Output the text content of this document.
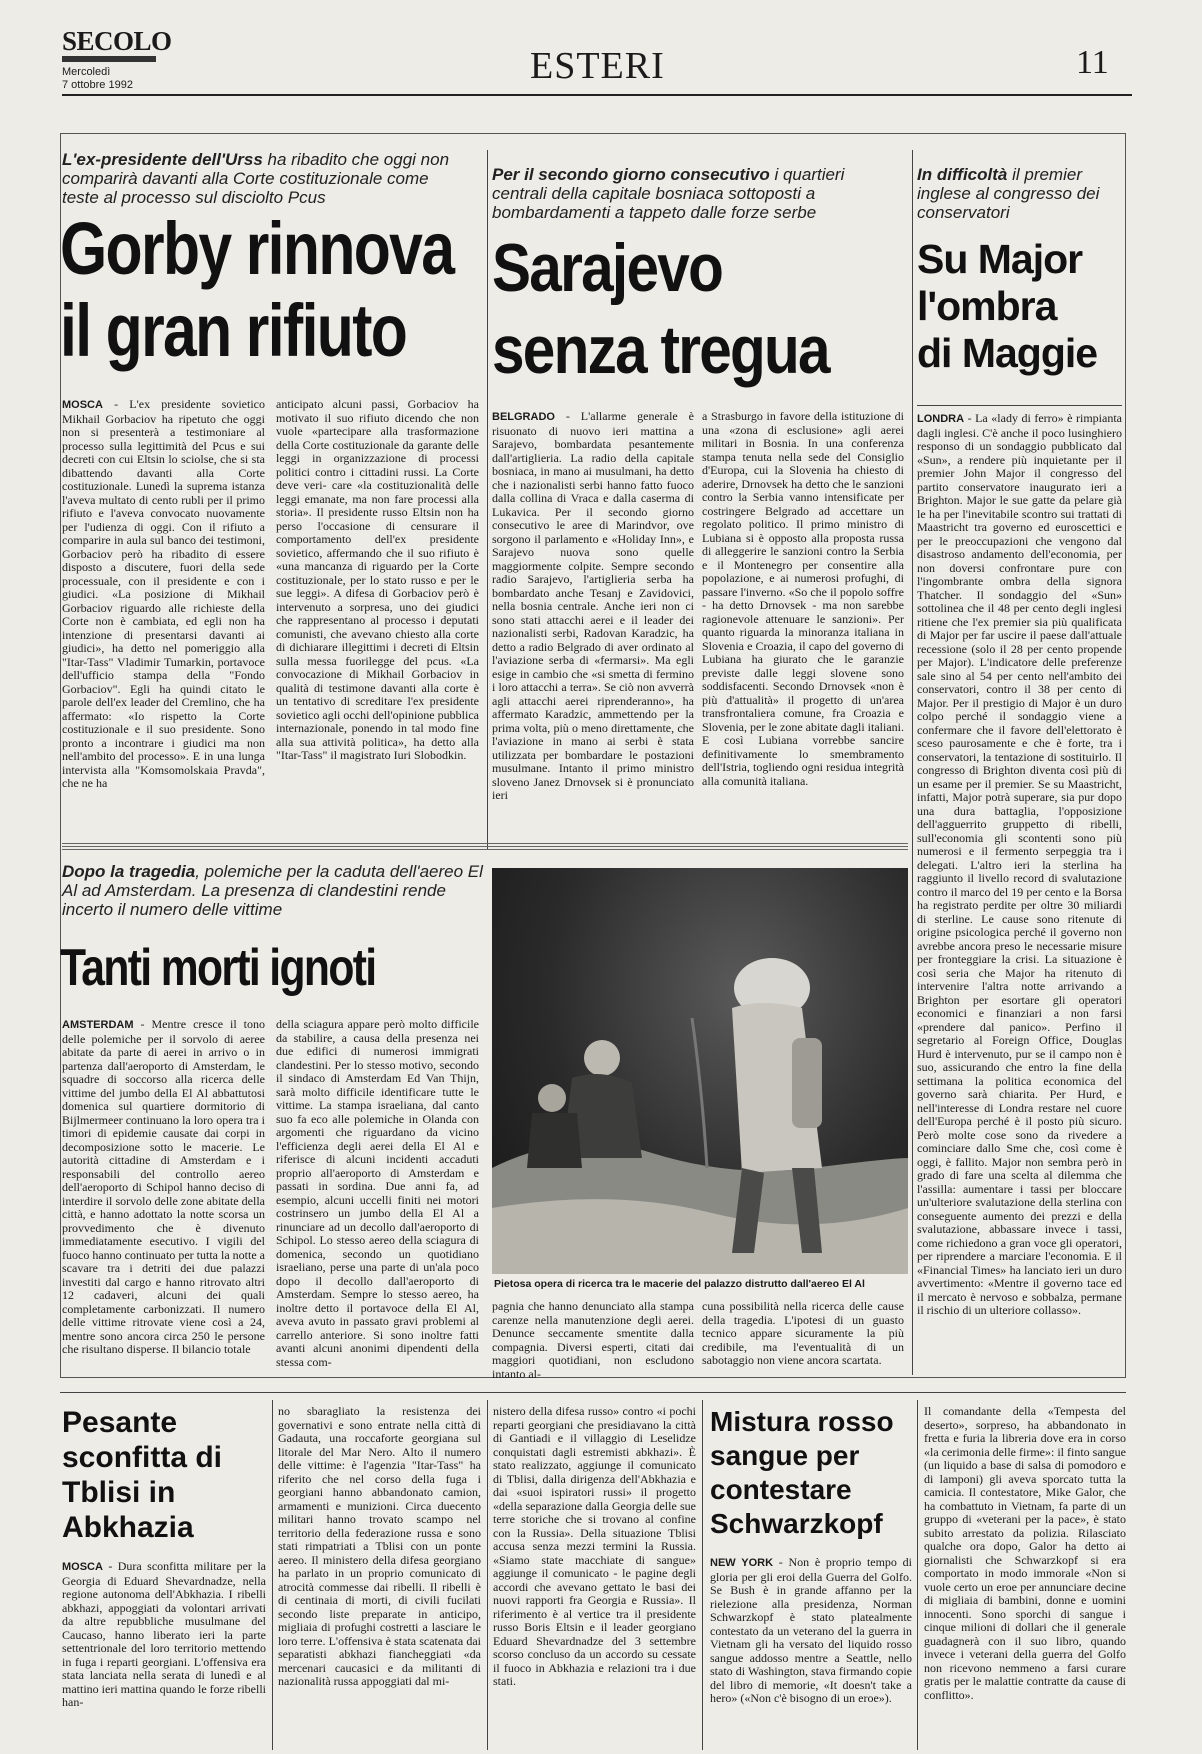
SECOLO
Mercoledì
7 ottobre 1992	ESTERI	11
L'ex-presidente dell'Urss ha ribadito che oggi non comparirà davanti alla Corte costituzionale come teste al processo sul disciolto Pcus
Gorby rinnova
il gran rifiuto
MOSCA - L'ex presidente sovietico Mikhail Gorbaciov ha ripetuto che oggi non si presenterà a testimoniare al processo sulla legittimità del Pcus e sui decreti con cui Eltsin lo sciolse, che si sta dibattendo davanti alla Corte costituzionale. Lunedì la suprema istanza l'aveva multato di cento rubli per il primo rifiuto e l'aveva convocato nuovamente per l'udienza di oggi. Con il rifiuto a comparire in aula sul banco dei testimoni, Gorbaciov però ha ribadito di essere disposto a discutere, fuori della sede processuale, con il presidente e con i giudici. «La posizione di Mikhail Gorbaciov riguardo alle richieste della Corte non è cambiata, ed egli non ha intenzione di presentarsi davanti ai giudici», ha detto nel pomeriggio alla "Itar-Tass" Vladimir Tumarkin, portavoce dell'ufficio stampa della "Fondo Gorbaciov". Egli ha quindi citato le parole dell'ex leader del Cremlino, che ha affermato: «Io rispetto la Corte costituzionale e il suo presidente. Sono pronto a incontrare i giudici ma non nell'ambito del processo». E in una lunga intervista alla "Komsomolskaia Pravda", che ne ha
anticipato alcuni passi, Gorbaciov ha motivato il suo rifiuto dicendo che non vuole «partecipare alla trasformazione della Corte costituzionale da garante delle leggi in organizzazione di processi politici contro i cittadini russi. La Corte deve veri- care «la costituzionalità delle leggi emanate, ma non fare processi alla storia». Il presidente russo Eltsin non ha perso l'occasione di censurare il comportamento dell'ex presidente sovietico, affermando che il suo rifiuto è «una mancanza di riguardo per la Corte costituzionale, per lo stato russo e per le sue leggi». A difesa di Gorbaciov però è intervenuto a sorpresa, uno dei giudici che rappresentano al processo i deputati comunisti, che avevano chiesto alla corte di dichiarare illegittimi i decreti di Eltsin sulla messa fuorilegge del pcus. «La convocazione di Mikhail Gorbaciov in qualità di testimone davanti alla corte è un tentativo di screditare l'ex presidente sovietico agli occhi dell'opinione pubblica internazionale, ponendo in tal modo fine alla sua attività politica», ha detto alla "Itar-Tass" il magistrato Iuri Slobodkin.
Per il secondo giorno consecutivo i quartieri centrali della capitale bosniaca sottoposti a bombardamenti a tappeto dalle forze serbe
Sarajevo
senza tregua
BELGRADO - L'allarme generale è risuonato di nuovo ieri mattina a Sarajevo, bombardata pesantemente dall'artiglieria. La radio della capitale bosniaca, in mano ai musulmani, ha detto che i nazionalisti serbi hanno fatto fuoco dalla collina di Vraca e dalla caserma di Lukavica. Per il secondo giorno consecutivo le aree di Marindvor, ove sorgono il parlamento e «Holiday Inn», e Sarajevo nuova sono quelle maggiormente colpite. Sempre secondo radio Sarajevo, l'artiglieria serba ha bombardato anche Tesanj e Zavidovici, nella bosnia centrale. Anche ieri non ci sono stati attacchi aerei e il leader dei nazionalisti serbi, Radovan Karadzic, ha detto a radio Belgrado di aver ordinato al l'aviazione serba di «fermarsi». Ma egli esige in cambio che «si smetta di fermino i loro attacchi a terra». Se ciò non avverrà agli attacchi aerei riprenderanno», ha affermato Karadzic, ammettendo per la prima volta, più o meno direttamente, che l'aviazione in mano ai serbi è stata utilizzata per bombardare le postazioni musulmane. Intanto il primo ministro sloveno Janez Drnovsek si è pronunciato ieri
a Strasburgo in favore della istituzione di una «zona di esclusione» agli aerei militari in Bosnia. In una conferenza stampa tenuta nella sede del Consiglio d'Europa, cui la Slovenia ha chiesto di aderire, Drnovsek ha detto che le sanzioni contro la Serbia vanno intensificate per costringere Belgrado ad accettare un regolato politico. Il primo ministro di Lubiana si è opposto alla proposta russa di alleggerire le sanzioni contro la Serbia e il Montenegro per consentire alla popolazione, e ai numerosi profughi, di passare l'inverno. «So che il popolo soffre - ha detto Drnovsek - ma non sarebbe ragionevole attenuare le sanzioni». Per quanto riguarda la minoranza italiana in Slovenia e Croazia, il capo del governo di Lubiana ha giurato che le garanzie previste dalle leggi slovene sono soddisfacenti. Secondo Drnovsek «non è più d'attualità» il progetto di un'area transfrontaliera comune, fra Croazia e Slovenia, per le zone abitate dagli italiani. E così Lubiana vorrebbe sancire definitivamente lo smembramento dell'Istria, togliendo ogni residua integrità alla comunità italiana.
In difficoltà il premier inglese al congresso dei conservatori
Su Major
l'ombra
di Maggie
LONDRA - La «lady di ferro» è rimpianta dagli inglesi. C'è anche il poco lusinghiero responso di un sondaggio pubblicato dal «Sun», a rendere più inquietante per il premier John Major il congresso del partito conservatore inaugurato ieri a Brighton. Major le sue gatte da pelare già le ha per l'inevitabile scontro sui trattati di Maastricht tra governo ed euroscettici e per le preoccupazioni che vengono dal disastroso andamento dell'economia, per non doversi confrontare pure con l'ingombrante ombra della signora Thatcher. Il sondaggio del «Sun» sottolinea che il 48 per cento degli inglesi ritiene che l'ex premier sia più qualificata di Major per far uscire il paese dall'attuale recessione (solo il 28 per cento propende per Major). L'indicatore delle preferenze sale sino al 54 per cento nell'ambito dei conservatori, contro il 38 per cento di Major. Per il prestigio di Major è un duro colpo perché il sondaggio viene a confermare che il favore dell'elettorato è sceso paurosamente e che è forte, tra i conservatori, la tentazione di sostituirlo. Il congresso di Brighton diventa così più di un esame per il premier. Se su Maastricht, infatti, Major potrà superare, sia pur dopo una dura battaglia, l'opposizione dell'agguerrito gruppetto di ribelli, sull'economia gli scontenti sono più numerosi e il fermento serpeggia tra i delegati. L'altro ieri la sterlina ha raggiunto il livello record di svalutazione contro il marco del 19 per cento e la Borsa ha registrato perdite per oltre 30 miliardi di sterline. Le cause sono ritenute di origine psicologica perché il governo non avrebbe ancora preso le necessarie misure per fronteggiare la crisi. La situazione è così seria che Major ha ritenuto di intervenire l'altra notte arrivando a Brighton per esortare gli operatori economici e finanziari a non farsi «prendere dal panico». Perfino il segretario al Foreign Office, Douglas Hurd è intervenuto, pur se il campo non è suo, assicurando che entro la fine della settimana la politica economica del governo sarà chiarita. Per Hurd, e nell'interesse di Londra restare nel cuore dell'Europa perché è il posto più sicuro. Però molte cose sono da rivedere a cominciare dallo Sme che, così come è oggi, è fallito. Major non sembra però in grado di fare una scelta al dilemma che l'assilla: aumentare i tassi per bloccare un'ulteriore svalutazione della sterlina con conseguente aumento dei prezzi e della svalutazione, abbassare invece i tassi, come richiedono a gran voce gli operatori, per riprendere a marciare l'economia. E il «Financial Times» ha lanciato ieri un duro avvertimento: «Mentre il governo tace ed il mercato è nervoso e sobbalza, permane il rischio di un ulteriore collasso».
Dopo la tragedia, polemiche per la caduta dell'aereo El Al ad Amsterdam. La presenza di clandestini rende incerto il numero delle vittime
Tanti morti ignoti
AMSTERDAM - Mentre cresce il tono delle polemiche per il sorvolo di aeree abitate da parte di aerei in arrivo o in partenza dall'aeroporto di Amsterdam, le squadre di soccorso alla ricerca delle vittime del jumbo della El Al abbattutosi domenica sul quartiere dormitorio di Bijlmermeer continuano la loro opera tra i timori di epidemie causate dai corpi in decomposizione sotto le macerie. Le autorità cittadine di Amsterdam e i responsabili del controllo aereo dell'aeroporto di Schipol hanno deciso di interdire il sorvolo delle zone abitate della città, e hanno adottato la notte scorsa un provvedimento che è divenuto immediatamente esecutivo. I vigili del fuoco hanno continuato per tutta la notte a scavare tra i detriti dei due palazzi investiti dal cargo e hanno ritrovato altri 12 cadaveri, alcuni dei quali completamente carbonizzati. Il numero delle vittime ritrovate viene così a 24, mentre sono ancora circa 250 le persone che risultano disperse. Il bilancio totale
della sciagura appare però molto difficile da stabilire, a causa della presenza nei due edifici di numerosi immigrati clandestini. Per lo stesso motivo, secondo il sindaco di Amsterdam Ed Van Thijn, sarà molto difficile identificare tutte le vittime. La stampa israeliana, dal canto suo fa eco alle polemiche in Olanda con argomenti che riguardano da vicino l'efficienza degli aerei della El Al e riferisce di alcuni incidenti accaduti proprio all'aeroporto di Amsterdam e passati in sordina. Due anni fa, ad esempio, alcuni uccelli finiti nei motori costrinsero un jumbo della El Al a rinunciare ad un decollo dall'aeroporto di Schipol. Lo stesso aereo della sciagura di domenica, secondo un quotidiano israeliano, perse una parte di un'ala poco dopo il decollo dall'aeroporto di Amsterdam. Sempre lo stesso aereo, ha inoltre detto il portavoce della El Al, aveva avuto in passato gravi problemi al carrello anteriore. Si sono inoltre fatti avanti alcuni anonimi dipendenti della stessa com-
Pietosa opera di ricerca tra le macerie del palazzo distrutto dall'aereo El Al
pagnia che hanno denunciato alla stampa carenze nella manutenzione degli aerei. Denunce seccamente smentite dalla compagnia. Diversi esperti, citati dai maggiori quotidiani, non escludono intanto al-
cuna possibilità nella ricerca delle cause della tragedia. L'ipotesi di un guasto tecnico appare sicuramente la più credibile, ma l'eventualità di un sabotaggio non viene ancora scartata.
Pesante sconfitta di Tblisi in Abkhazia
MOSCA - Dura sconfitta militare per la Georgia di Eduard Shevardnadze, nella regione autonoma dell'Abkhazia. I ribelli abkhazi, appoggiati da volontari arrivati da altre repubbliche musulmane del Caucaso, hanno liberato ieri la parte settentrionale del loro territorio mettendo in fuga i reparti georgiani. L'offensiva era stata lanciata nella serata di lunedì e al mattino ieri mattina quando le forze ribelli han-
no sbaragliato la resistenza dei governativi e sono entrate nella città di Gadauta, una roccaforte georgiana sul litorale del Mar Nero. Alto il numero delle vittime: è l'agenzia "Itar-Tass" ha riferito che nel corso della fuga i georgiani hanno abbandonato camion, armamenti e munizioni. Circa duecento militari hanno trovato scampo nel territorio della federazione russa e sono stati rimpatriati a Tblisi con un ponte aereo. Il ministero della difesa georgiano ha parlato in un proprio comunicato di atrocità commesse dai ribelli. Il ribelli è di centinaia di morti, di civili fucilati secondo liste preparate in anticipo, migliaia di profughi costretti a lasciare le loro terre. L'offensiva è stata scatenata dai separatisti abkhazi fiancheggiati «da mercenari caucasici e da militanti di nazionalità russa appoggiati dal mi-
nistero della difesa russo» contro «i pochi reparti georgiani che presidiavano la città di Gantiadi e il villaggio di Leselidze conquistati dagli estremisti abkhazi». È stato realizzato, aggiunge il comunicato di Tblisi, dalla dirigenza dell'Abkhazia e dai «suoi ispiratori russi» il progetto «della separazione dalla Georgia delle sue terre storiche che si trovano al confine con la Russia». Della situazione Tblisi accusa senza mezzi termini la Russia. «Siamo state macchiate di sangue» aggiunge il comunicato - le pagine degli accordi che avevano gettato le basi dei nuovi rapporti fra Georgia e Russia». Il riferimento è al vertice tra il presidente russo Boris Eltsin e il leader georgiano Eduard Shevardnadze del 3 settembre scorso concluso da un accordo su cessate il fuoco in Abkhazia e relazioni tra i due stati.
Mistura rosso sangue per contestare Schwarzkopf
NEW YORK - Non è proprio tempo di gloria per gli eroi della Guerra del Golfo. Se Bush è in grande affanno per la rielezione alla presidenza, Norman Schwarzkopf è stato platealmente contestato da un veterano del la guerra in Vietnam gli ha versato del liquido rosso sangue addosso mentre a Seattle, nello stato di Washington, stava firmando copie del libro di memorie, «It doesn't take a hero» («Non c'è bisogno di un eroe»).
Il comandante della «Tempesta del deserto», sorpreso, ha abbandonato in fretta e furia la libreria dove era in corso «la cerimonia delle firme»: il finto sangue (un liquido a base di salsa di pomodoro e di lamponi) gli aveva sporcato tutta la camicia. Il contestatore, Mike Galor, che ha combattuto in Vietnam, fa parte di un gruppo di «veterani per la pace», è stato subito arrestato da polizia. Rilasciato qualche ora dopo, Galor ha detto ai giornalisti che Schwarzkopf si era comportato in modo immorale «Non si vuole certo un eroe per annunciare decine di migliaia di bambini, donne e uomini innocenti. Sono sporchi di sangue i cinque milioni di dollari che il generale guadagnerà con il suo libro, quando invece i veterani della guerra del Golfo non ricevono nemmeno a farsi curare gratis per le malattie contratte da cause di conflitto».
